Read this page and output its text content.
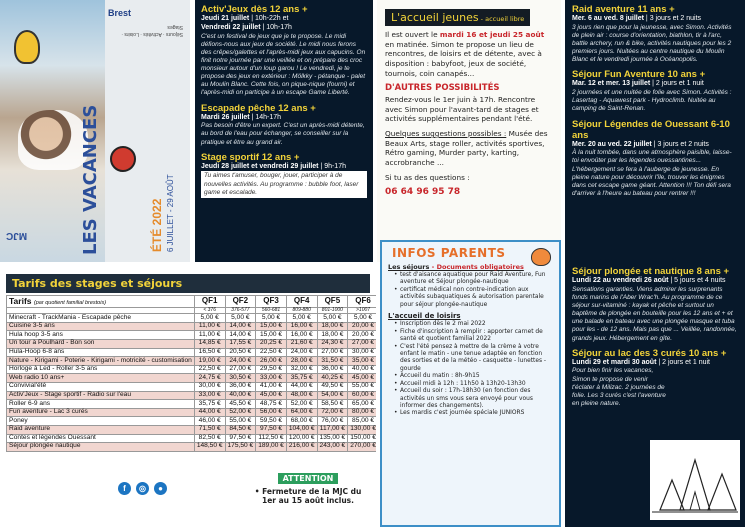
Brest
Séjours · Activités · Loisirs · Stages
LES VACANCES	ÉTÉ 2022 6 JUILLET - 29 AOÛT
MJC
Activ'Jeux dès 12 ans +
Jeudi 21 juillet | 10h-22h et
Vendredi 22 juillet | 10h-17h
C'est un festival de jeux que je te propose. Le midi défions-nous aux jeux de société. Le midi nous ferons des crêpes/galettes et l'après-midi jeux aux capucins. On finit notre journée par une veillée et on prépare des croc monsieur autour d'un loup garou ! Le vendredi, je te propose des jeux en extérieur : Mölkky - pétanque - palet au Moulin Blanc. Cette fois, on pique-nique (fourni) et l'après-midi on participe à un escape Game Liberté.
Escapade pêche 12 ans +
Mardi 26 juillet | 14h-17h
Pas besoin d'être un expert. C'est un après-midi détente, au bord de l'eau pour échanger, se conseiller sur la pratique et être au grand air.
Stage sportif 12 ans +
Jeudi 28 juillet et vendredi 29 juillet | 9h-17h
Tu aimes t'amuser, bouger, jouer, participer à de nouvelles activités. Au programme : bubble foot, laser game et escalade.
L'accueil jeunes - accueil libre

Il est ouvert le mardi 16 et jeudi 25 août en matinée. Simon te propose un lieu de rencontres, de loisirs et de détente, avec à disposition : babyfoot, jeux de société, tournois, coin canapés...

D'AUTRES POSSIBILITÉS

Rendez-vous le 1er juin à 17h. Rencontre avec Simon pour l'avant-tard de stages et activités supplémentaires pendant l'été.

Quelques suggestions possibles : Musée des Beaux Arts, stage roller, activités sportives, Rétro gaming, Murder party, karting, accrobranche ...

Si tu as des questions :

06 64 96 95 78
Raid aventure 11 ans +
Mer. 6 au ved. 8 juillet | 3 jours et 2 nuits
3 jours rien que pour la jeunesse, avec Simon. Activités de plein air : course d'orientation, biathlon, tir à l'arc, battle archery, run & bike, activités nautiques pour les 2 premiers jours. Nuitées au centre nautique du Moulin Blanc et le vendredi journée à Océanopolis.
Séjour Fun Aventure 10 ans +
Mar. 12 et mer. 13 juillet | 2 jours et 1 nuit
2 journées et une nuitée de folie avec Simon. Activités : Lasertag - Aquawest park - Hydroclimb. Nuitée au camping de Saint-Renan.
Séjour Légendes de Ouessant 6-10 ans
Mer. 20 au ved. 22 juillet | 3 jours et 2 nuits
À la nuit tombée, dans une atmosphère paisible, laisse-toi envoûter par les légendes ouessantines... L'hébergement se fera à l'auberge de jeunesse. En pleine nature pour découvrir l'île, trouver les énigmes dans cet escape game géant. Attention !!! Ton défi sera d'arriver à l'heure au bateau pour rentrer !!!
Séjour plongée et nautique 8 ans +
Lundi 22 au vendredi 26 août | 5 jours et 4 nuits
Sensations garanties. Viens admirer les surprenants fonds marins de l'Aber Wrac'h. Au programme de ce séjour sur-vitaminé : kayak et pêche et surtout un baptême de plongée en bouteille pour les 12 ans et + et une balade en bateau avec une plongée masque et tuba pour les - de 12 ans. Mais pas que ... Veillée, randonnée, grands jeux. Hébergement en gîte.
Séjour au lac des 3 curés 10 ans +
Lundi 29 et mardi 30 août | 2 jours et 1 nuit
Pour bien finir les vacances, Simon te propose de venir t'éclater à Milizac. 2 journées de folie. Les 3 curés c'est l'aventure en pleine nature.
Tarifs des stages et séjours
Tarifs (par quotient familial brestois)	QF1	QF2	QF3	QF4	QF5	QF6
	< 376	376-577	560-681	809-880	801-1000	>1007
Minecraft - TrackMania - Escapade pêche	5,00 €	5,00 €	5,00 €	5,00 €	5,00 €	5,00 €
Cuisine 3-5 ans	11,00 €	14,00 €	15,00 €	16,00 €	18,00 €	20,00 €
Hula hoop 3-5 ans	11,00 €	14,00 €	15,00 €	16,00 €	18,00 €	20,00 €
Un tour à Poulhard - Bon son	14,85 €	17,55 €	20,25 €	21,60 €	24,30 €	27,00 €
Hula-Hoop 6-8 ans	16,50 €	20,50 €	22,50 €	24,00 €	27,00 €	30,00 €
Nature - Kirigami - Poterie - Kirigami - motricité - customisation	19,00 €	24,00 €	26,00 €	28,00 €	31,50 €	35,00 €
Horloge à Led - Roller 3-5 ans	22,50 €	27,00 €	29,50 €	32,00 €	36,00 €	40,00 €
Web radio 10 ans+	24,75 €	30,50 €	33,00 €	35,75 €	40,25 €	45,00 €
Convivial'été	30,00 €	36,00 €	41,00 €	44,00 €	49,50 €	55,00 €
Activ'Jeux - Stage sportif - Radio sur l'eau	33,00 €	40,00 €	45,00 €	48,00 €	54,00 €	60,00 €
Roller 6-9 ans	35,75 €	45,50 €	48,75 €	52,00 €	58,50 €	65,00 €
Fun aventure - Lac 3 curés	44,00 €	52,00 €	56,00 €	64,00 €	72,00 €	80,00 €
Poney	46,00 €	55,00 €	59,50 €	68,00 €	76,00 €	85,00 €
Raid aventure	71,50 €	84,50 €	97,50 €	104,00 €	117,00 €	130,00 €
Contes et légendes Ouessant	82,50 €	97,50 €	112,50 €	120,00 €	135,00 €	150,00 €
Séjour plongée nautique	148,50 €	175,50 €	189,00 €	216,00 €	243,00 €	270,00 €
f	◎	●
ATTENTION
• Fermeture de la MJC du 1er au 15 août inclus.
INFOS PARENTS
Les séjours - Documents obligatoires
• test d'aisance aquatique pour Raid Aventure, Fun aventure et Séjour plongée-nautique
• certificat médical non contre-indication aux activités subaquatiques & autorisation parentale pour séjour plongée-nautique
L'accueil de loisirs
• Inscription dès le 2 mai 2022
• Fiche d'inscription à remplir : apporter carnet de santé et quotient familial 2022
• C'est l'été pensez à mettre de la crème à votre enfant le matin - une tenue adaptée en fonction des sorties et de la météo - casquette - lunettes - gourde
• Accueil du matin : 8h-9h15
• Accueil midi à 12h : 11h50 à 13h20-13h30
• Accueil du soir : 17h-18h30 (en fonction des activités un sms vous sera envoyé pour vous informer des changements).
• Les mardis c'est journée spéciale JUNIORS
